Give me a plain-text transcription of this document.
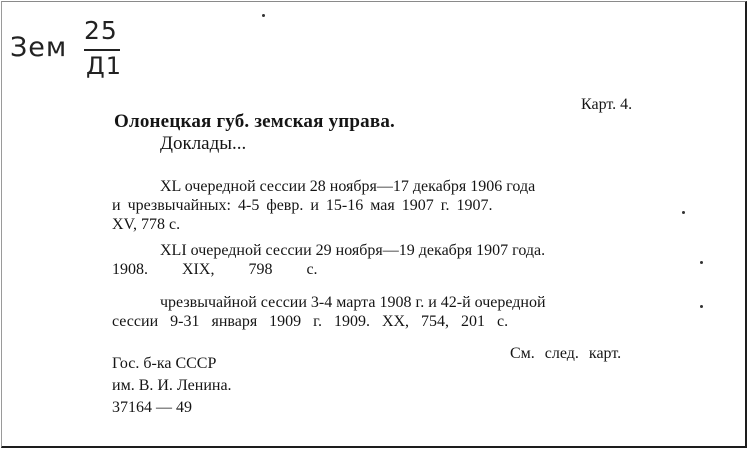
Зем
25
Д1
Карт. 4.
Олонецкая губ. земская управа.
Доклады...
XL очередной сессии 28 ноября—17 декабря 1906 года
и чрезвычайных: 4-5 февр. и 15-16 мая 1907 г. 1907.
XV, 778 с.
XLI очередной сессии 29 ноября—19 декабря 1907 года.
1908. XIX, 798 с.
чрезвычайной сессии 3-4 марта 1908 г. и 42-й очередной
сессии 9-31 января 1909 г. 1909. XX, 754, 201 с.
См. след. карт.
Гос. б-ка СССР
им. В. И. Ленина.
37164 — 49
